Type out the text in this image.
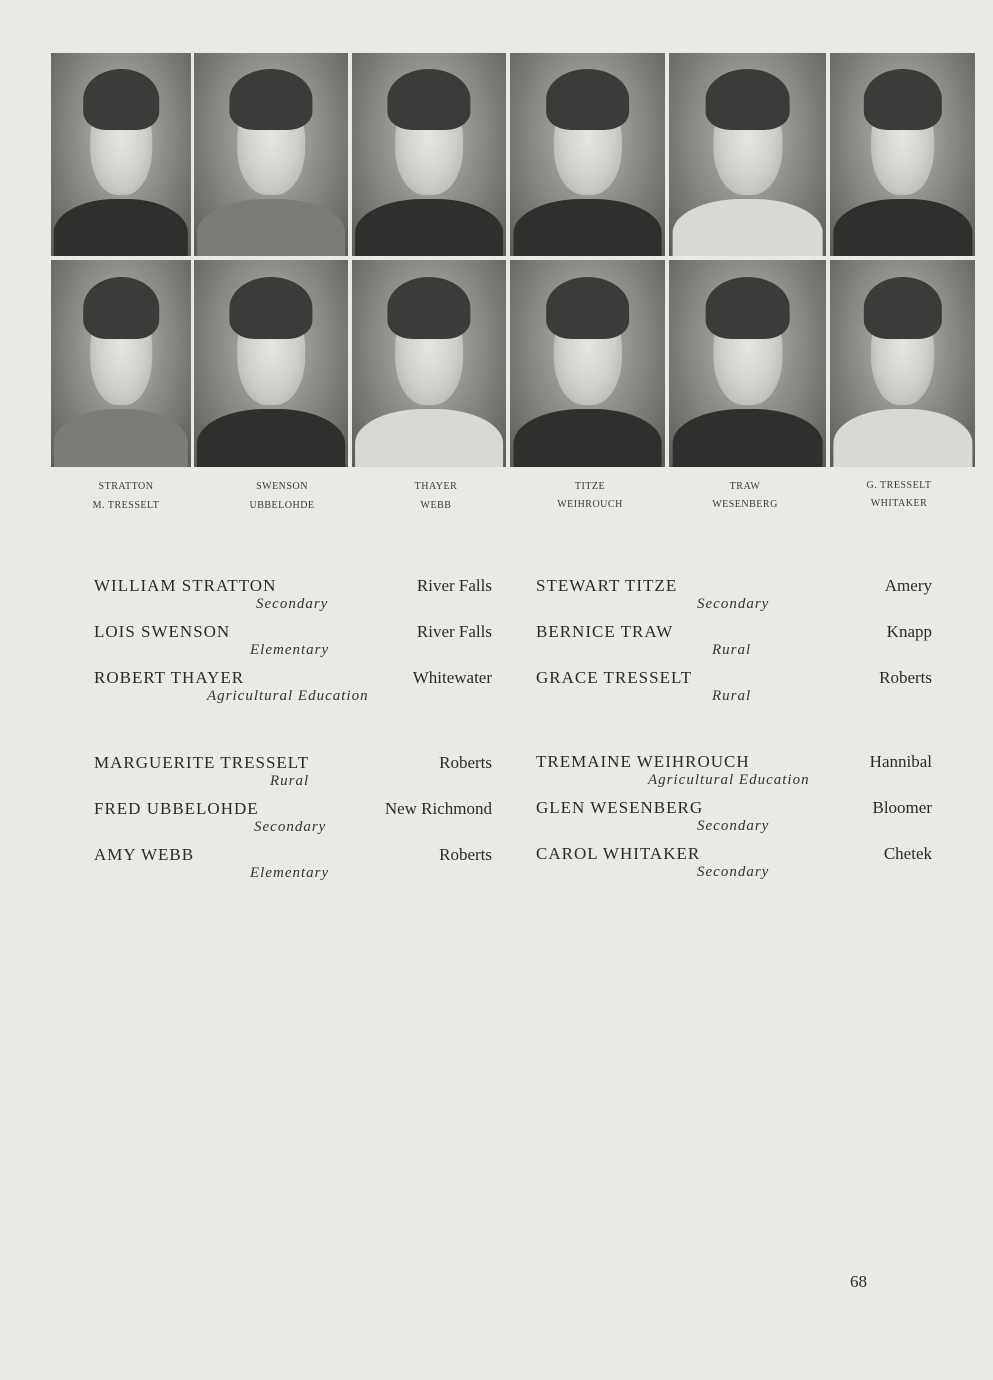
STRATTON	SWENSON	THAYER	TITZE	TRAW	G. TRESSELT
M. TRESSELT	UBBELOHDE	WEBB	WEIHROUCH	WESENBERG	WHITAKER
WILLIAM STRATTON	River Falls
Secondary
LOIS SWENSON	River Falls
Elementary
ROBERT THAYER	Whitewater
Agricultural Education
MARGUERITE TRESSELT	Roberts
Rural
FRED UBBELOHDE	New Richmond
Secondary
AMY WEBB	Roberts
Elementary
STEWART TITZE	Amery
Secondary
BERNICE TRAW	Knapp
Rural
GRACE TRESSELT	Roberts
Rural
TREMAINE WEIHROUCH	Hannibal
Agricultural Education
GLEN WESENBERG	Bloomer
Secondary
CAROL WHITAKER	Chetek
Secondary
68
